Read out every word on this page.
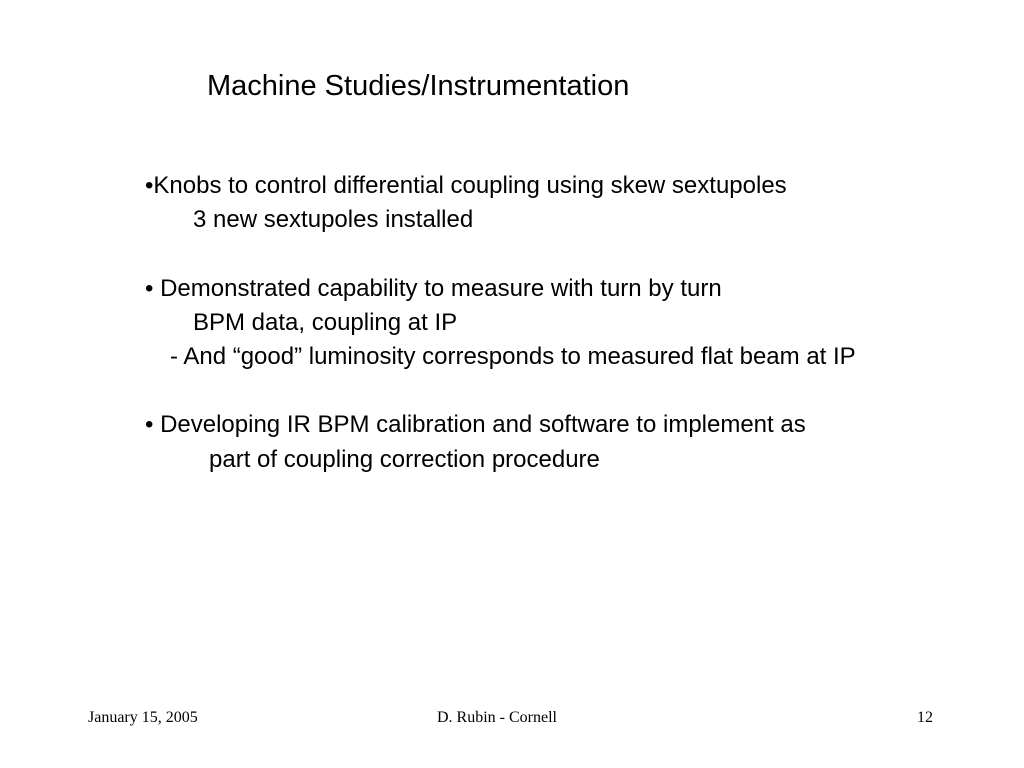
Machine Studies/Instrumentation
•Knobs to control differential coupling using skew sextupoles
3 new sextupoles installed
• Demonstrated capability to measure with turn by turn
BPM data, coupling at IP
- And “good” luminosity corresponds to measured flat beam at IP
• Developing IR BPM calibration and software to implement as
part of coupling correction procedure
January 15, 2005	D. Rubin - Cornell	12
